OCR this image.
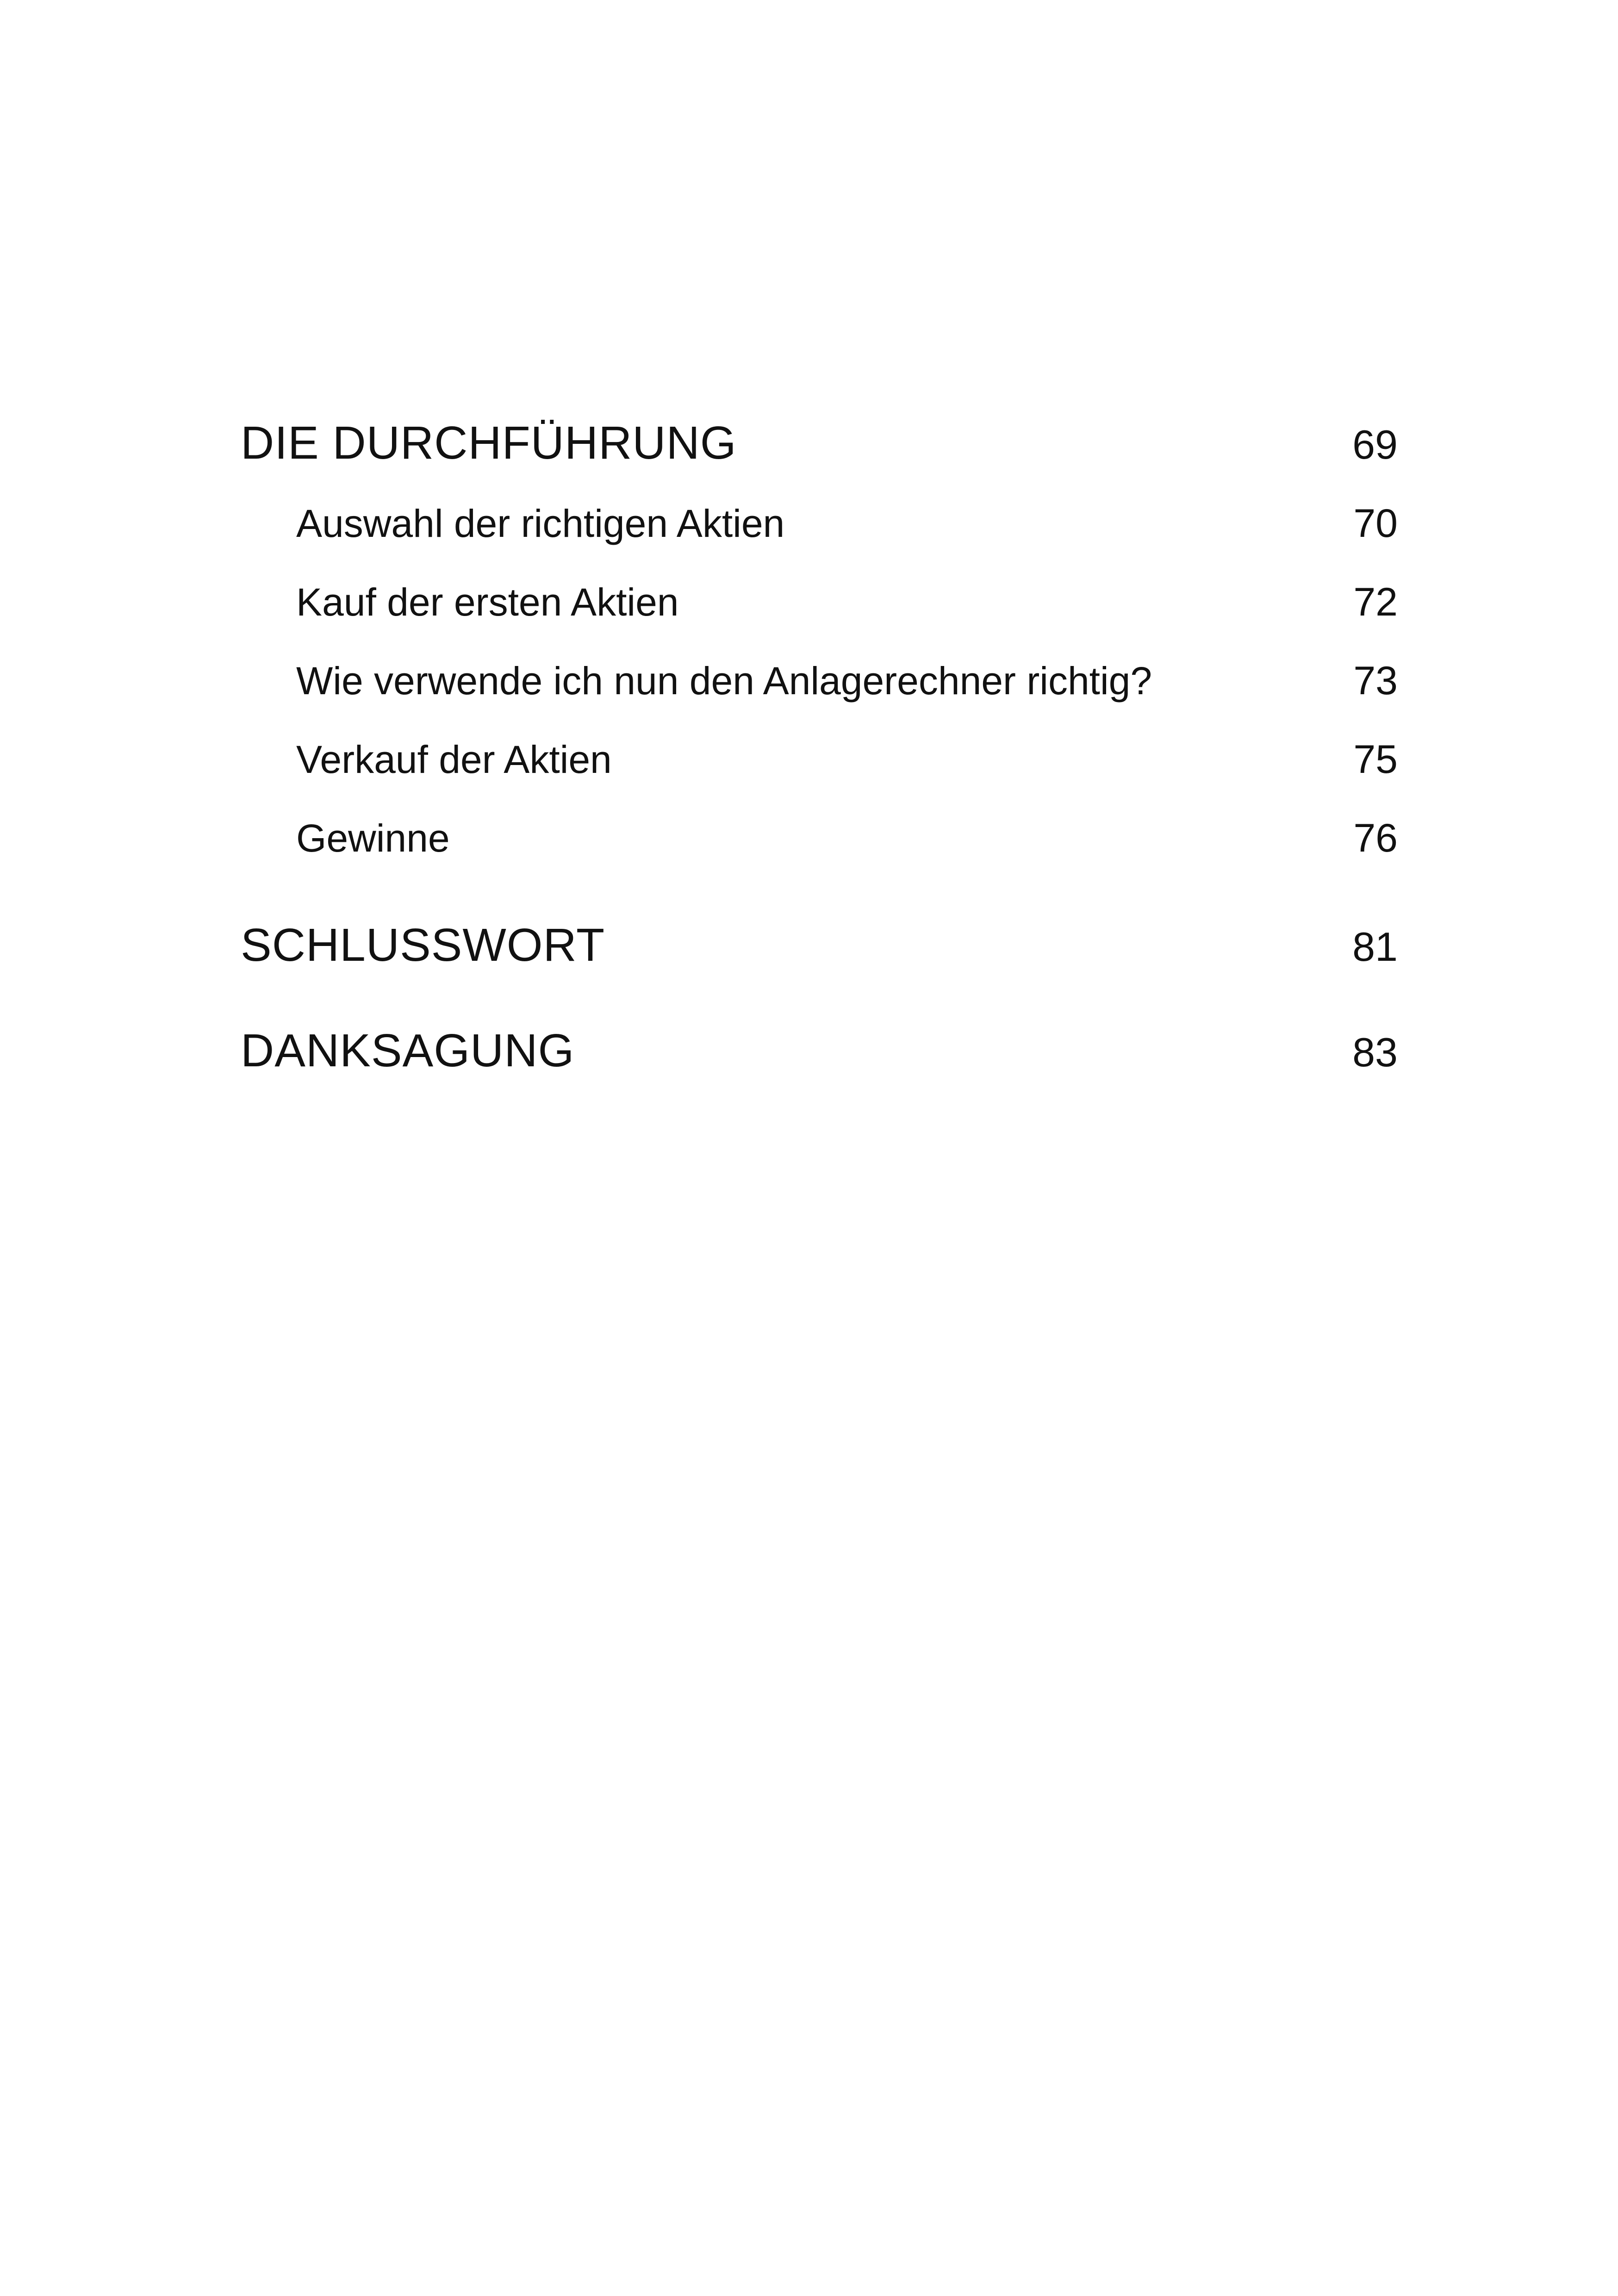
DIE DURCHFÜHRUNG	69
Auswahl der richtigen Aktien	70
Kauf der ersten Aktien	72
Wie verwende ich nun den Anlagerechner richtig?	73
Verkauf der Aktien	75
Gewinne	76
SCHLUSSWORT	81
DANKSAGUNG	83
